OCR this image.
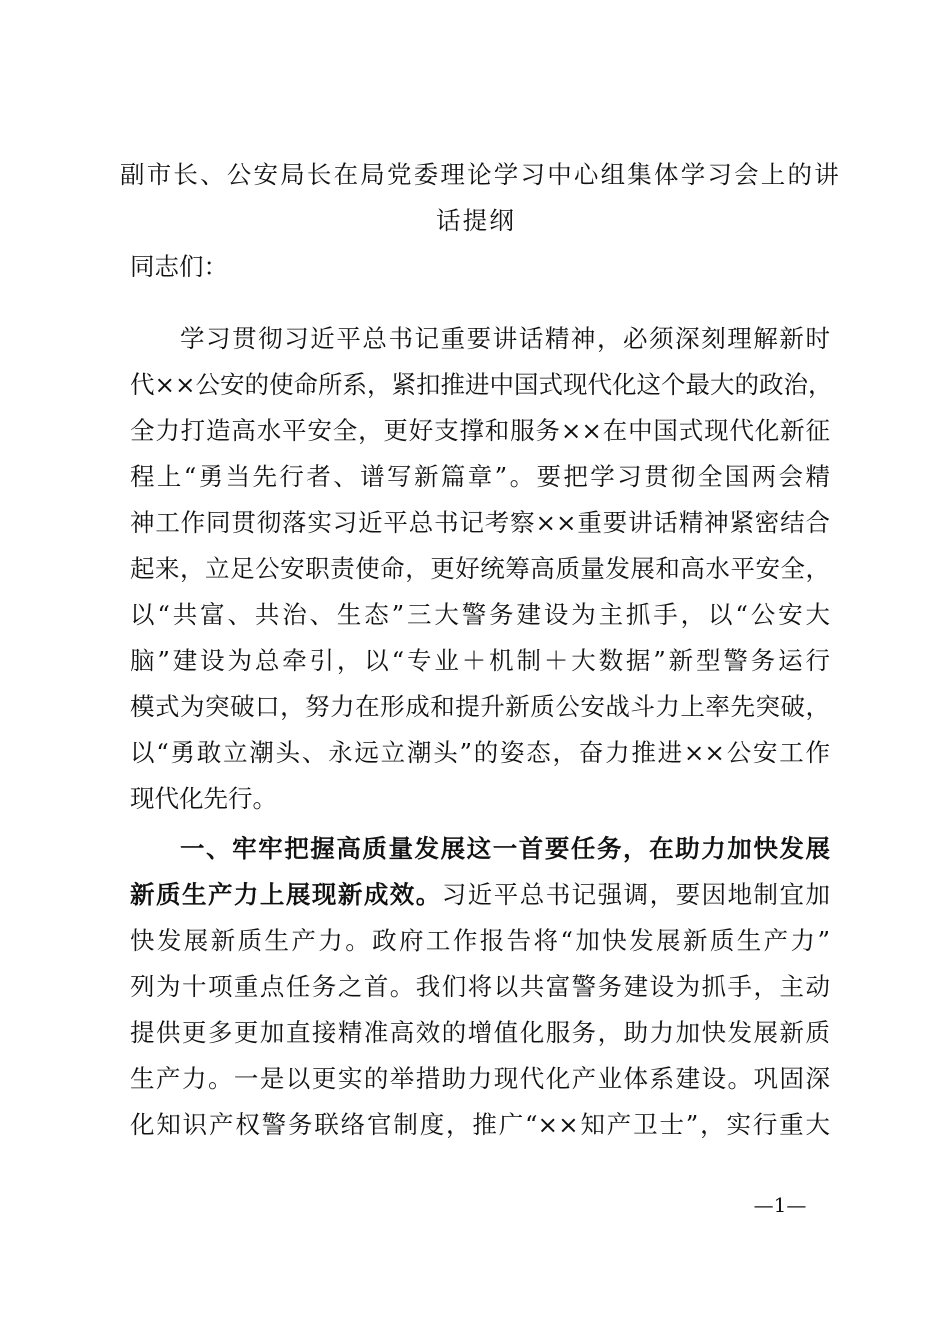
副市长、公安局长在局党委理论学习中心组集体学习会上的讲
话提纲

同志们：

学习贯彻习近平总书记重要讲话精神，必须深刻理解新时

代××公安的使命所系，紧扣推进中国式现代化这个最大的政治，

全力打造高水平安全，更好支撑和服务××在中国式现代化新征

程上“勇当先行者、谱写新篇章”。要把学习贯彻全国两会精

神工作同贯彻落实习近平总书记考察××重要讲话精神紧密结合

起来，立足公安职责使命，更好统筹高质量发展和高水平安全，

以“共富、共治、生态”三大警务建设为主抓手，以“公安大

脑”建设为总牵引，以“专业＋机制＋大数据”新型警务运行

模式为突破口，努力在形成和提升新质公安战斗力上率先突破，

以“勇敢立潮头、永远立潮头”的姿态，奋力推进××公安工作

现代化先行。

一、牢牢把握高质量发展这一首要任务，在助力加快发展

新质生产力上展现新成效。习近平总书记强调，要因地制宜加

快发展新质生产力。政府工作报告将“加快发展新质生产力”

列为十项重点任务之首。我们将以共富警务建设为抓手，主动

提供更多更加直接精准高效的增值化服务，助力加快发展新质

生产力。一是以更实的举措助力现代化产业体系建设。巩固深

化知识产权警务联络官制度，推广“××知产卫士”，实行重大

—1—
